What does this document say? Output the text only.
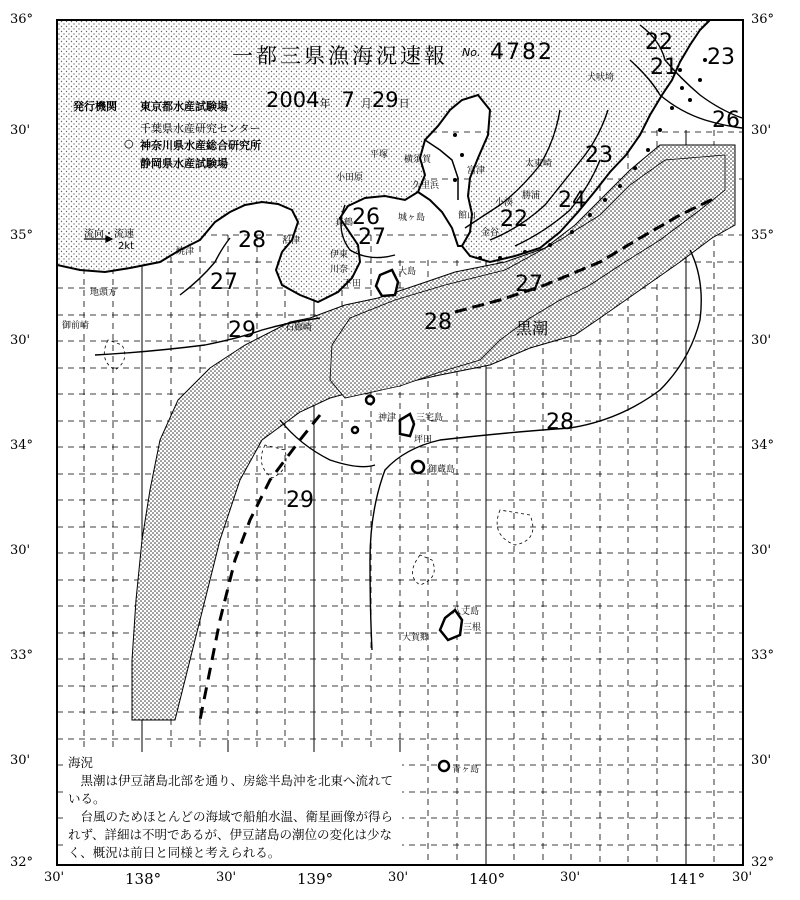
一都三県漁海況速報 No. 4782
発行機関 東京都水産試験場
千葉県水産研究センター
○ 神奈川県水産総合研究所
静岡県水産試験場
2004年 7 月29日
流向・流速
2kt
36°
30'
35°
30'
34°
30'
33°
30'
32°
36°
30'
35°
30'
34°
30'
33°
30'
32°
30'	138°	30'	139°	30'	140°	30'	141° 30'
犬吠埼
太東崎
勝浦
小湊
金谷
富津
館山
平塚 横須賀
久里浜
小田原
城ヶ島
真鶴
川奈
伊東
沼津
焼津
下田
大島
石廊崎
地頭方
御前崎
三宅島
神津
坪田
御蔵島
八丈島
三根
大賀郷
青ヶ島
黒潮
22
21 23
26
23
24
22
26
27
28
27	27
28
29
28
29

海況

黒潮は伊豆諸島北部を通り、房総半島沖を北東へ流れている。

台風のためほとんどの海域で船舶水温、衛星画像が得られず、詳細は不明であるが、伊豆諸島の潮位の変化は少なく、概況は前日と同様と考えられる。
